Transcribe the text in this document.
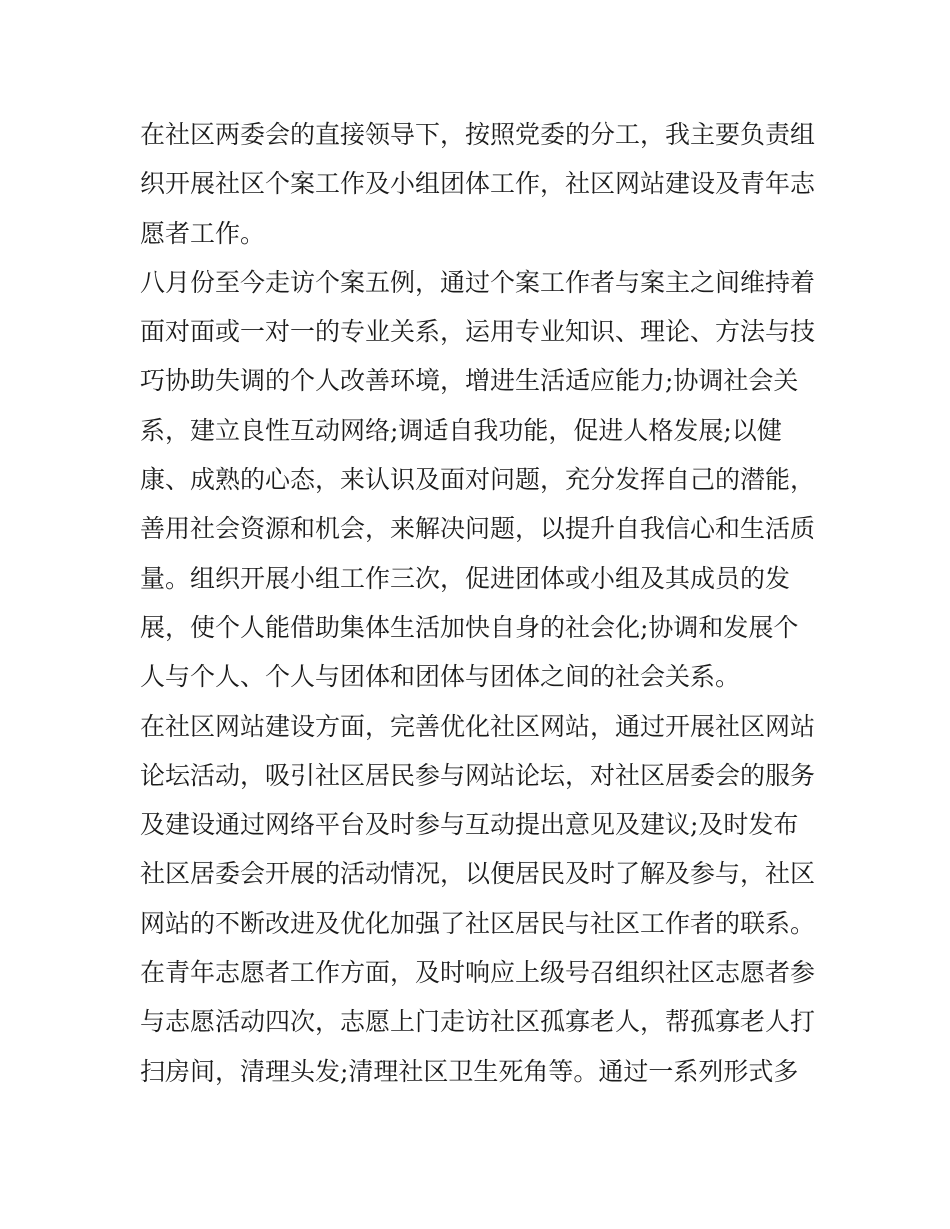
在社区两委会的直接领导下，按照党委的分工，我主要负责组
织开展社区个案工作及小组团体工作，社区网站建设及青年志
愿者工作。
八月份至今走访个案五例，通过个案工作者与案主之间维持着
面对面或一对一的专业关系，运用专业知识、理论、方法与技
巧协助失调的个人改善环境，增进生活适应能力;协调社会关
系，建立良性互动网络;调适自我功能，促进人格发展;以健
康、成熟的心态，来认识及面对问题，充分发挥自己的潜能，
善用社会资源和机会，来解决问题，以提升自我信心和生活质
量。组织开展小组工作三次，促进团体或小组及其成员的发
展，使个人能借助集体生活加快自身的社会化;协调和发展个
人与个人、个人与团体和团体与团体之间的社会关系。
在社区网站建设方面，完善优化社区网站，通过开展社区网站
论坛活动，吸引社区居民参与网站论坛，对社区居委会的服务
及建设通过网络平台及时参与互动提出意见及建议;及时发布
社区居委会开展的活动情况，以便居民及时了解及参与，社区
网站的不断改进及优化加强了社区居民与社区工作者的联系。
在青年志愿者工作方面，及时响应上级号召组织社区志愿者参
与志愿活动四次，志愿上门走访社区孤寡老人，帮孤寡老人打
扫房间，清理头发;清理社区卫生死角等。通过一系列形式多
